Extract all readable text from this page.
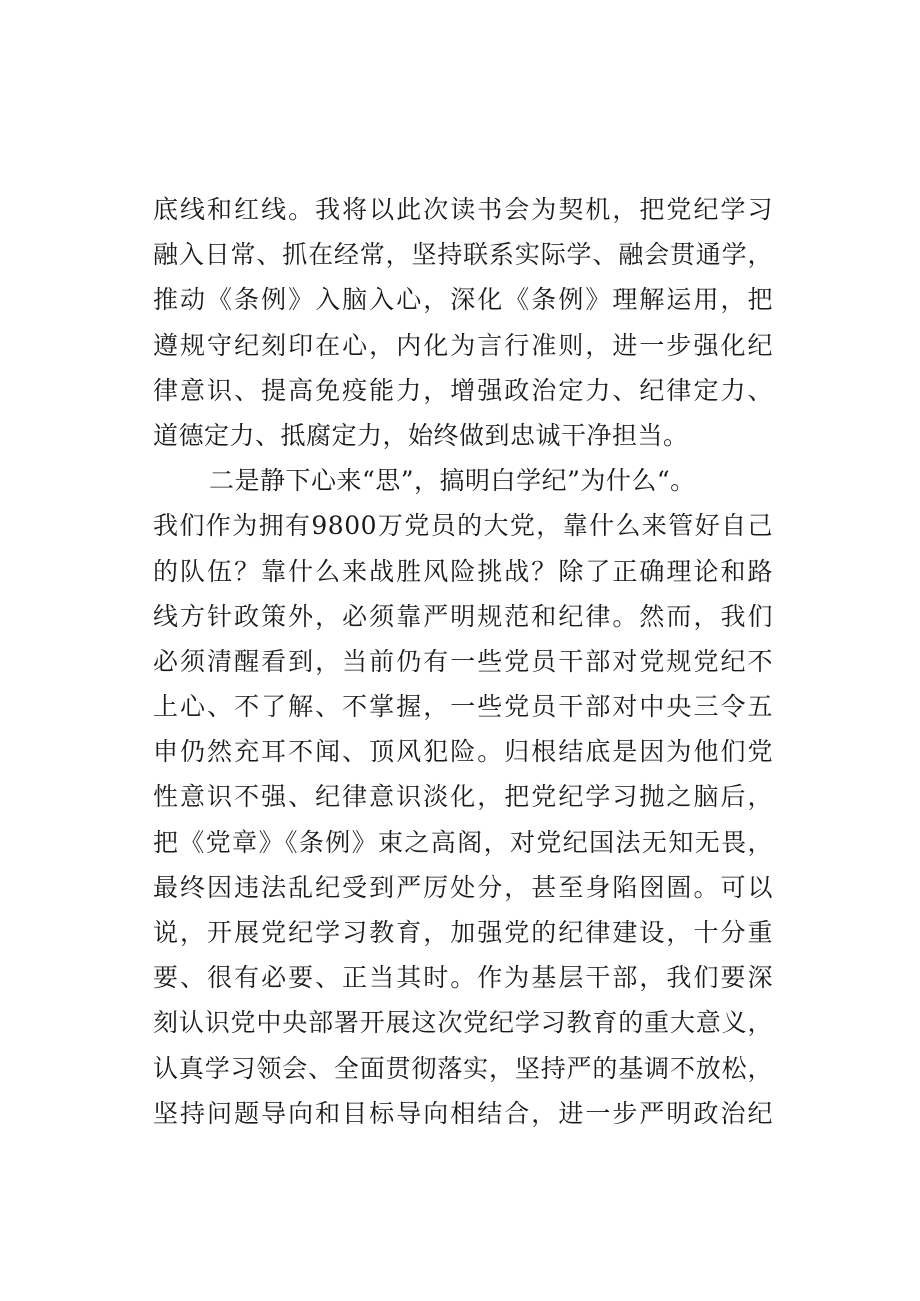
底线和红线。我将以此次读书会为契机，把党纪学习
融入日常、抓在经常，坚持联系实际学、融会贯通学，
推动《条例》入脑入心，深化《条例》理解运用，把
遵规守纪刻印在心，内化为言行准则，进一步强化纪
律意识、提高免疫能力，增强政治定力、纪律定力、
道德定力、抵腐定力，始终做到忠诚干净担当。
二是静下心来“思”，搞明白学纪”为什么“。
我们作为拥有9800万党员的大党，靠什么来管好自己
的队伍？靠什么来战胜风险挑战？除了正确理论和路
线方针政策外，必须靠严明规范和纪律。然而，我们
必须清醒看到，当前仍有一些党员干部对党规党纪不
上心、不了解、不掌握，一些党员干部对中央三令五
申仍然充耳不闻、顶风犯险。归根结底是因为他们党
性意识不强、纪律意识淡化，把党纪学习抛之脑后，
把《党章》《条例》束之高阁，对党纪国法无知无畏，
最终因违法乱纪受到严厉处分，甚至身陷囹圄。可以
说，开展党纪学习教育，加强党的纪律建设，十分重
要、很有必要、正当其时。作为基层干部，我们要深
刻认识党中央部署开展这次党纪学习教育的重大意义，
认真学习领会、全面贯彻落实，坚持严的基调不放松，
坚持问题导向和目标导向相结合，进一步严明政治纪
